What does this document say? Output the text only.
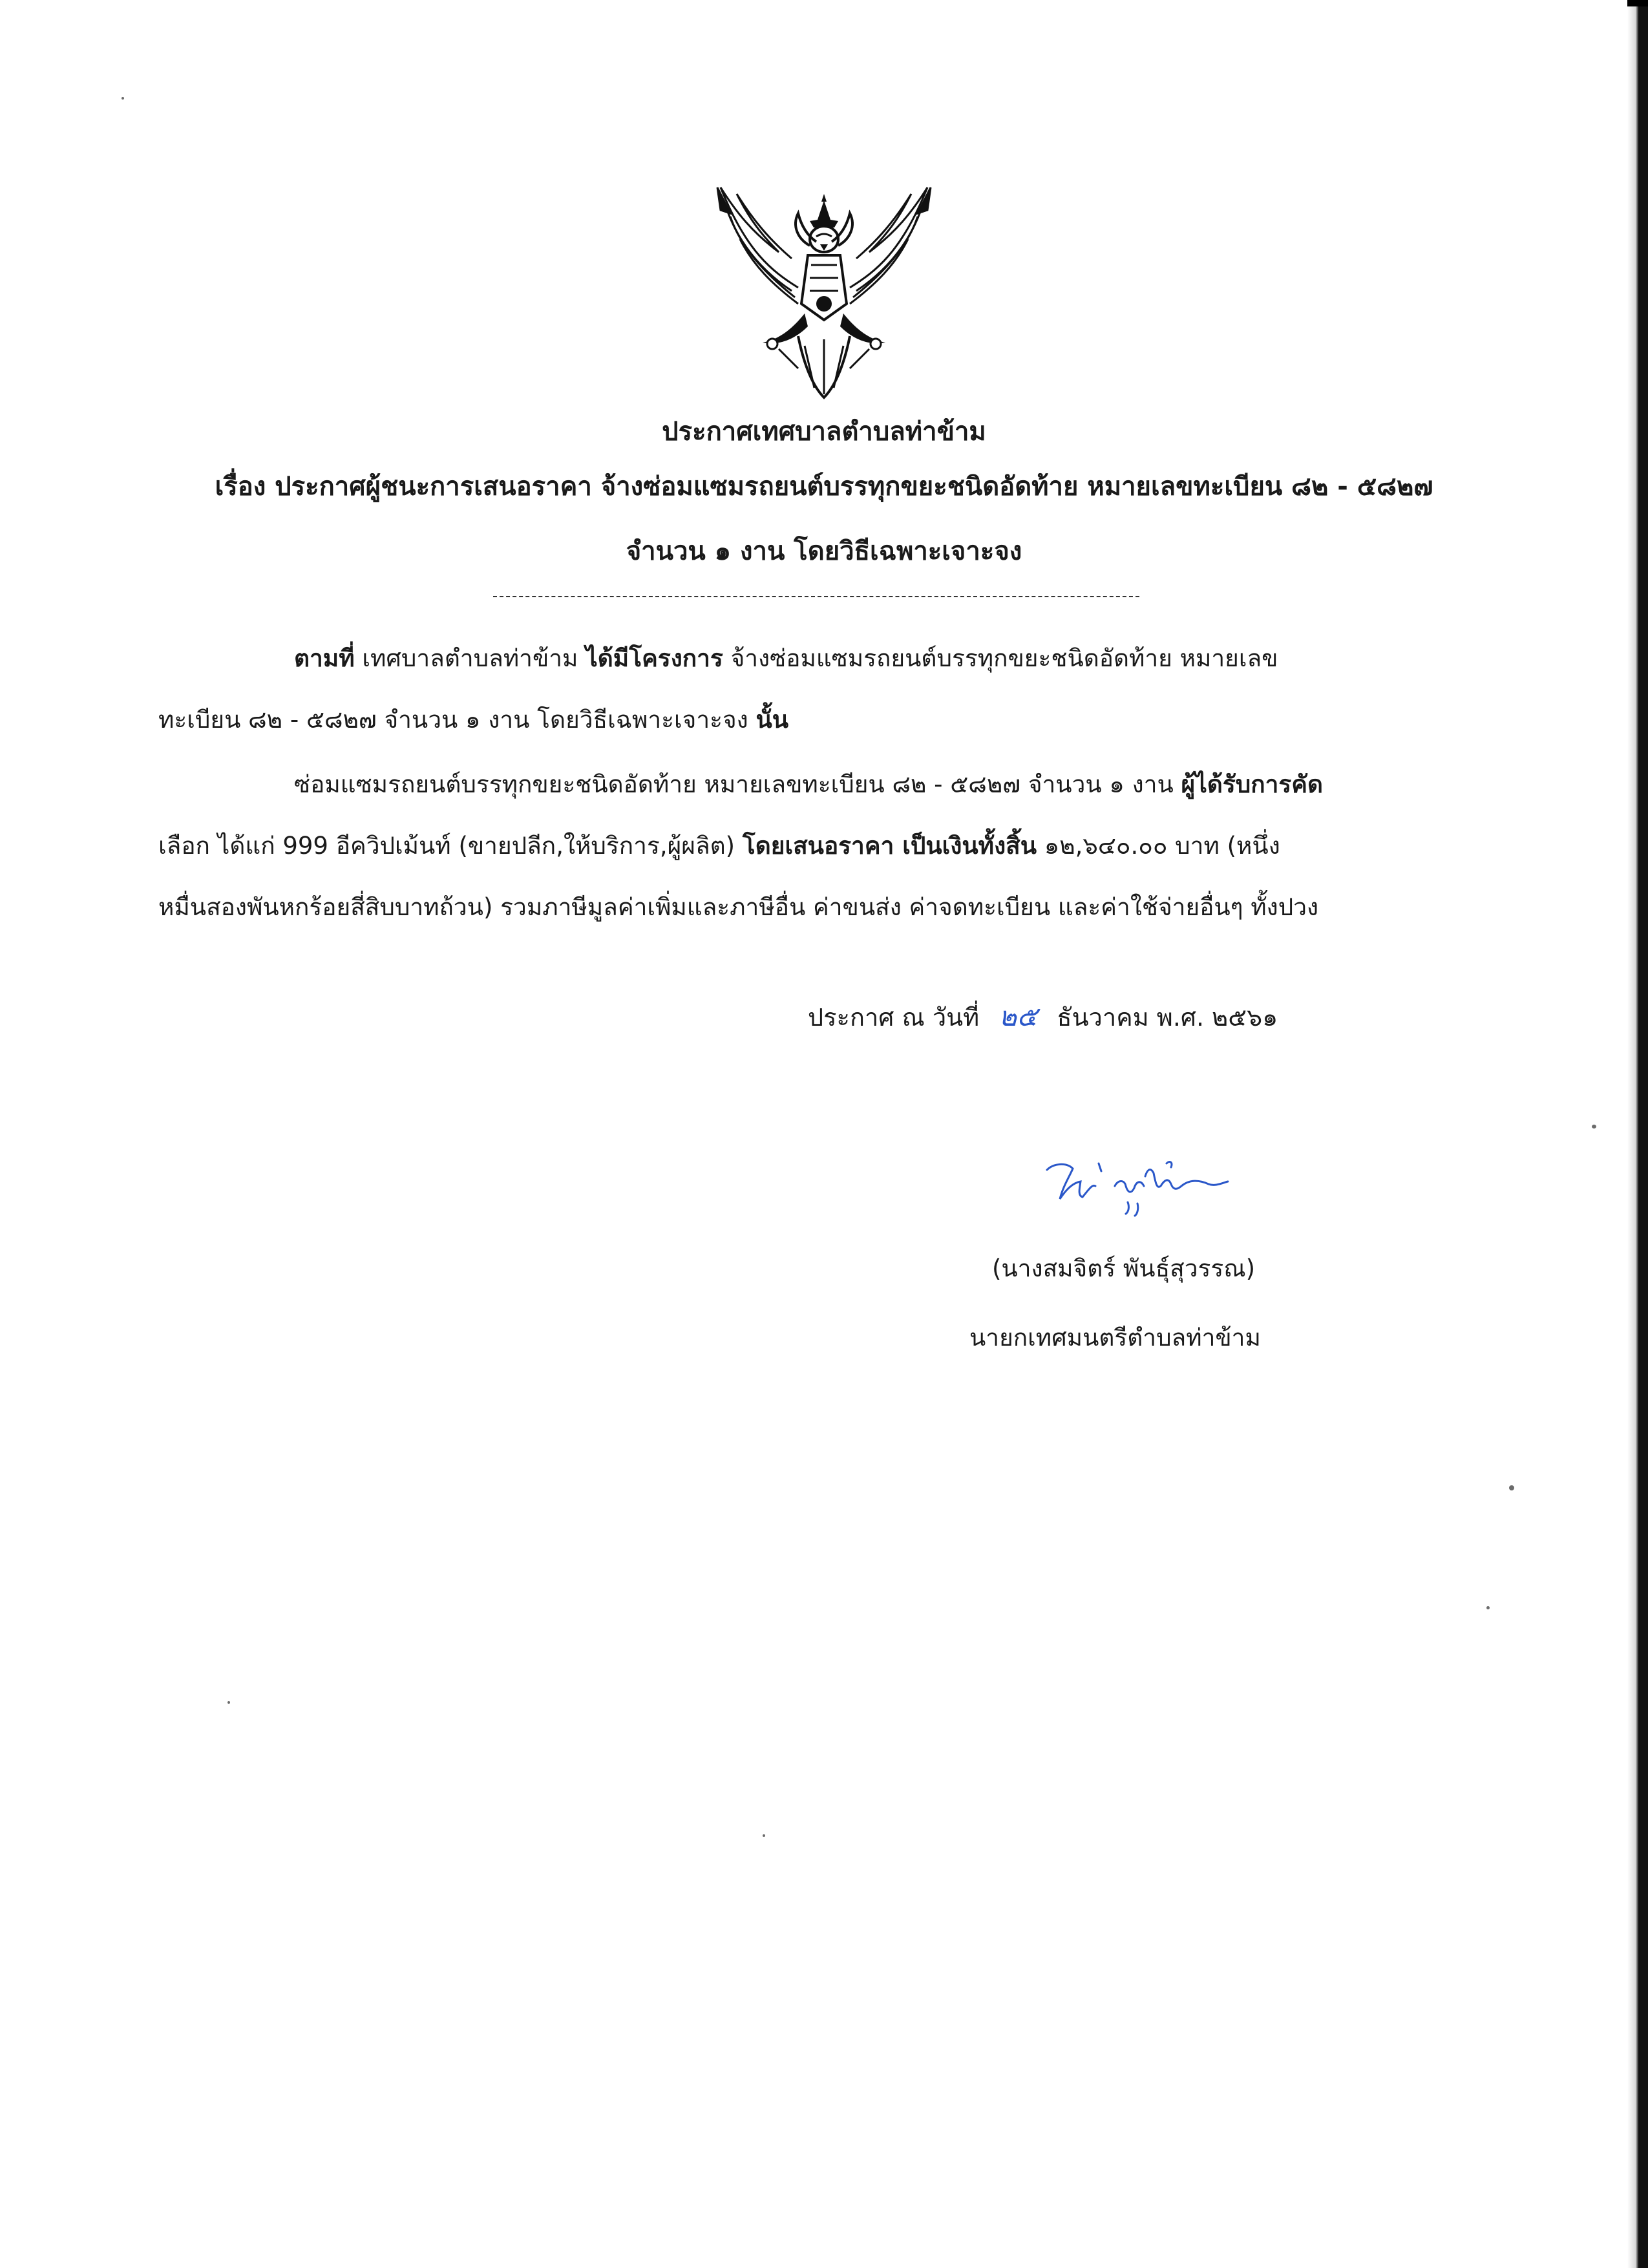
ประกาศเทศบาลตำบลท่าข้าม
เรื่อง ประกาศผู้ชนะการเสนอราคา จ้างซ่อมแซมรถยนต์บรรทุกขยะชนิดอัดท้าย หมายเลขทะเบียน ๘๒ - ๕๘๒๗
จำนวน ๑ งาน โดยวิธีเฉพาะเจาะจง
ตามที่ เทศบาลตำบลท่าข้าม ได้มีโครงการ จ้างซ่อมแซมรถยนต์บรรทุกขยะชนิดอัดท้าย หมายเลข
ทะเบียน ๘๒ - ๕๘๒๗ จำนวน ๑ งาน โดยวิธีเฉพาะเจาะจง นั้น
ซ่อมแซมรถยนต์บรรทุกขยะชนิดอัดท้าย หมายเลขทะเบียน ๘๒ - ๕๘๒๗ จำนวน ๑ งาน ผู้ได้รับการคัด
เลือก ได้แก่ 999 อีควิปเม้นท์ (ขายปลีก,ให้บริการ,ผู้ผลิต) โดยเสนอราคา เป็นเงินทั้งสิ้น ๑๒,๖๔๐.๐๐ บาท (หนึ่ง
หมื่นสองพันหกร้อยสี่สิบบาทถ้วน) รวมภาษีมูลค่าเพิ่มและภาษีอื่น ค่าขนส่ง ค่าจดทะเบียน และค่าใช้จ่ายอื่นๆ ทั้งปวง
ประกาศ ณ วันที่ ๒๕ ธันวาคม พ.ศ. ๒๕๖๑
(นางสมจิตร์ พันธุ์สุวรรณ)
นายกเทศมนตรีตำบลท่าข้าม
